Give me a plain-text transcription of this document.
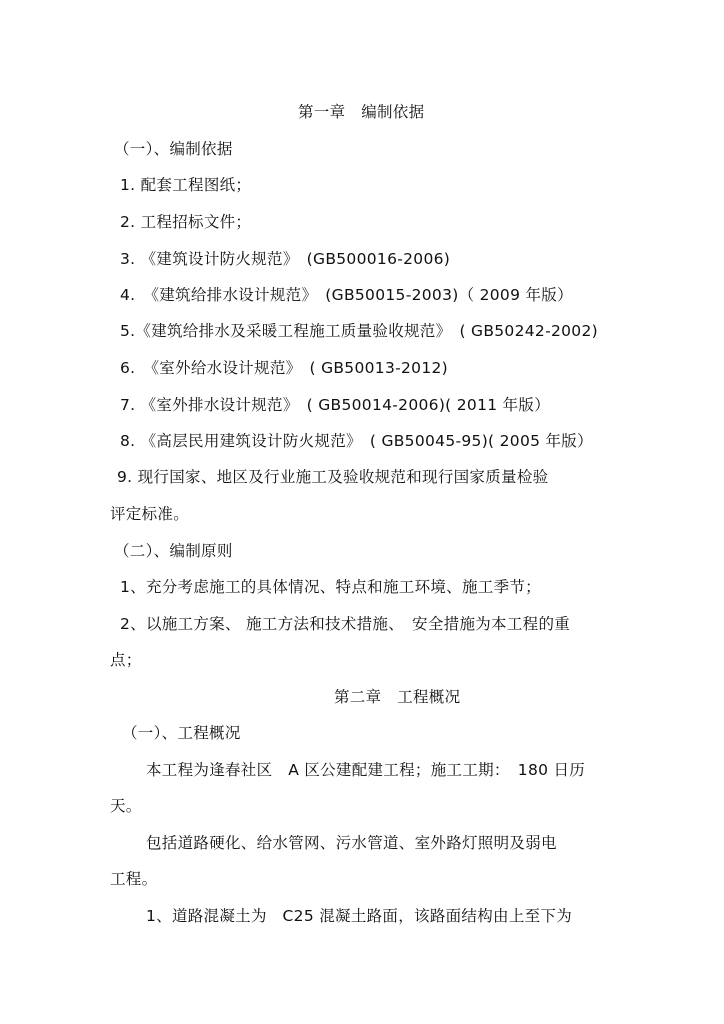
第一章　编制依据
（一）、编制依据
1. 配套工程图纸；
2. 工程招标文件；
3. 《建筑设计防火规范》　(GB500016-2006)
4.　《建筑给排水设计规范》　(GB50015-2003)（ 2009 年版）
5.《建筑给排水及采暖工程施工质量验收规范》　( GB50242-2002)
6.　《室外给水设计规范》　( GB50013-2012)
7. 《室外排水设计规范》　( GB50014-2006)( 2011 年版）
8. 《高层民用建筑设计防火规范》　( GB50045-95)( 2005 年版）
9. 现行国家、地区及行业施工及验收规范和现行国家质量检验
评定标准。
（二）、编制原则
1、充分考虑施工的具体情况、特点和施工环境、施工季节；
2、以施工方案、 施工方法和技术措施、　安全措施为本工程的重
点；
第二章　工程概况
（一）、工程概况
本工程为逢春社区　A 区公建配建工程；施工工期：　180 日历
天。
包括道路硬化、给水管网、污水管道、室外路灯照明及弱电
工程。
1、道路混凝土为　C25 混凝土路面，该路面结构由上至下为
